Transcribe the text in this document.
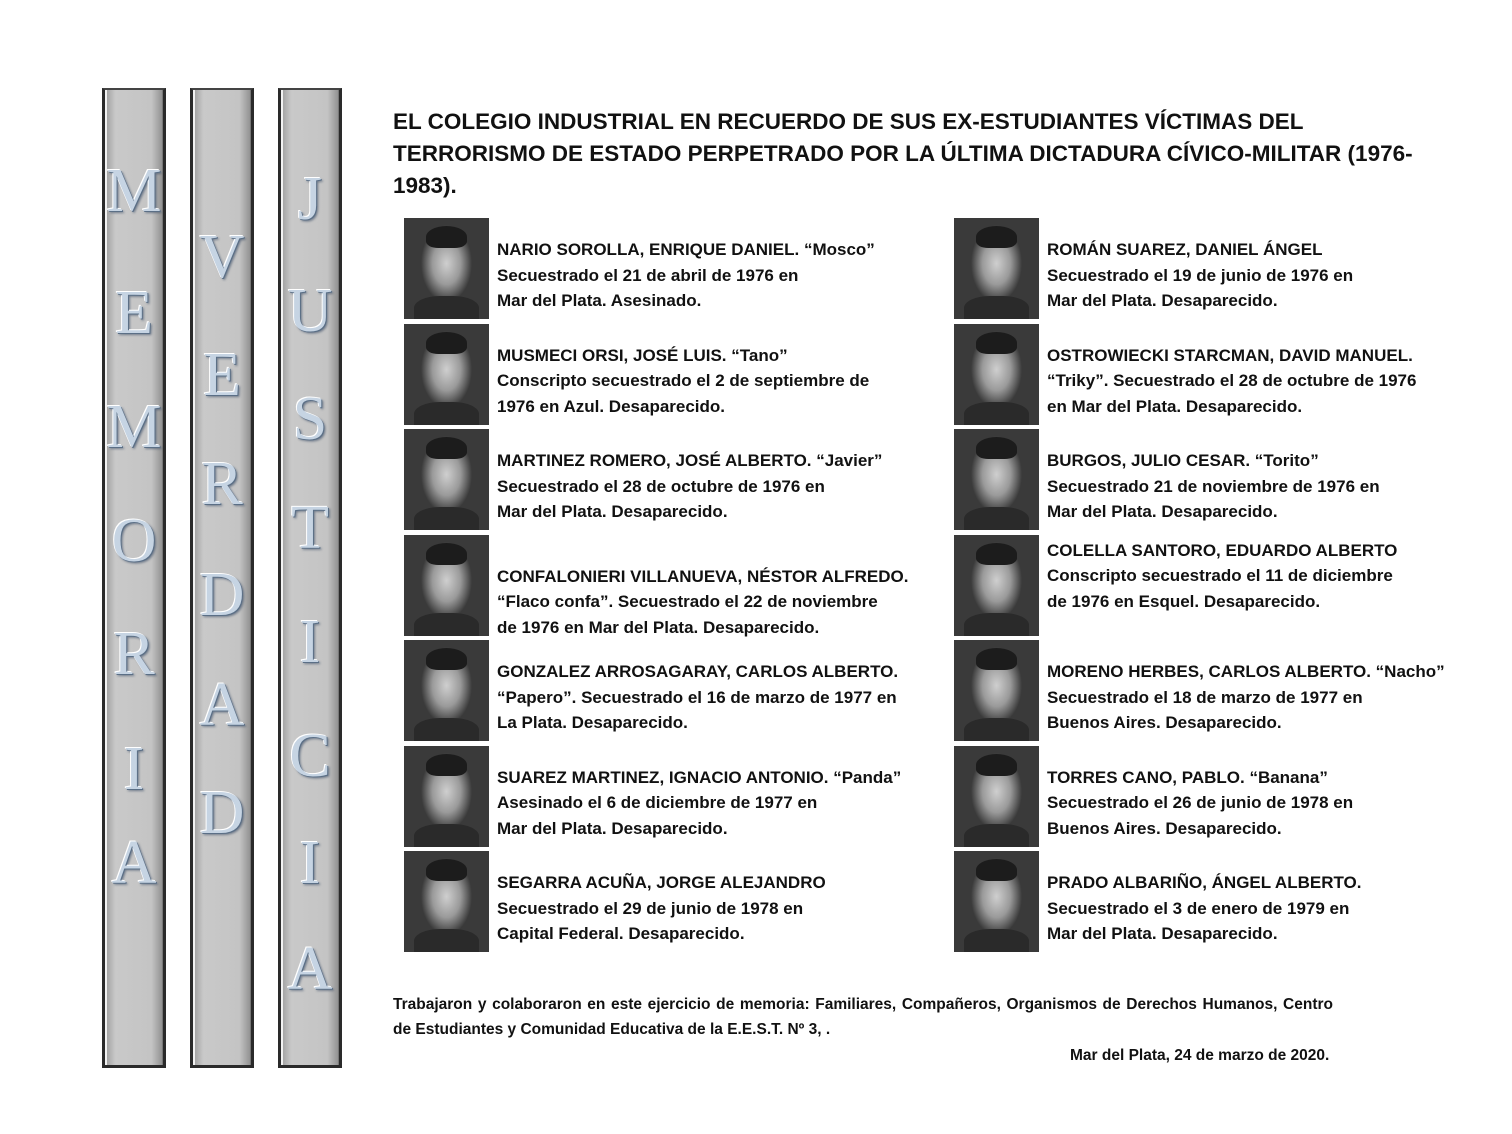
M
E
M
O
R
I
A
V
E
R
D
A
D
J
U
S
T
I
C
I
A

EL COLEGIO INDUSTRIAL EN RECUERDO DE SUS EX-ESTUDIANTES VÍCTIMAS DEL TERRORISMO DE ESTADO PERPETRADO POR LA ÚLTIMA DICTADURA CÍVICO-MILITAR (1976-1983).

NARIO SOROLLA, ENRIQUE DANIEL. “Mosco”
Secuestrado el 21 de abril de 1976 en
Mar del Plata. Asesinado.

MUSMECI ORSI, JOSÉ LUIS. “Tano”
Conscripto secuestrado el 2 de septiembre de
1976 en Azul. Desaparecido.

MARTINEZ ROMERO, JOSÉ ALBERTO. “Javier”
Secuestrado el 28 de octubre de 1976 en
Mar del Plata. Desaparecido.

CONFALONIERI VILLANUEVA, NÉSTOR ALFREDO.
“Flaco confa”. Secuestrado el 22 de noviembre
de 1976 en Mar del Plata. Desaparecido.

GONZALEZ ARROSAGARAY, CARLOS ALBERTO.
“Papero”. Secuestrado el 16 de marzo de 1977 en
La Plata. Desaparecido.

SUAREZ MARTINEZ, IGNACIO ANTONIO. “Panda”
Asesinado el 6 de diciembre de 1977 en
Mar del Plata. Desaparecido.

SEGARRA ACUÑA, JORGE ALEJANDRO
Secuestrado el 29 de junio de 1978 en
Capital Federal. Desaparecido.

ROMÁN SUAREZ, DANIEL ÁNGEL
Secuestrado el 19 de junio de 1976 en
Mar del Plata. Desaparecido.

OSTROWIECKI STARCMAN, DAVID MANUEL.
“Triky”. Secuestrado el 28 de octubre de 1976
en Mar del Plata. Desaparecido.

BURGOS, JULIO CESAR. “Torito”
Secuestrado 21 de noviembre de 1976 en
Mar del Plata. Desaparecido.

COLELLA SANTORO, EDUARDO ALBERTO
Conscripto secuestrado el 11 de diciembre
de 1976 en Esquel. Desaparecido.

MORENO HERBES, CARLOS ALBERTO. “Nacho”
Secuestrado el 18 de marzo de 1977 en
Buenos Aires. Desaparecido.

TORRES CANO, PABLO. “Banana”
Secuestrado el 26 de junio de 1978 en
Buenos Aires. Desaparecido.

PRADO ALBARIÑO, ÁNGEL ALBERTO.
Secuestrado el 3 de enero de 1979 en
Mar del Plata. Desaparecido.

Trabajaron y colaboraron en este ejercicio de memoria: Familiares, Compañeros, Organismos de Derechos Humanos, Centro de Estudiantes y Comunidad Educativa de la E.E.S.T. Nº 3, .

Mar del Plata, 24 de marzo de 2020.
